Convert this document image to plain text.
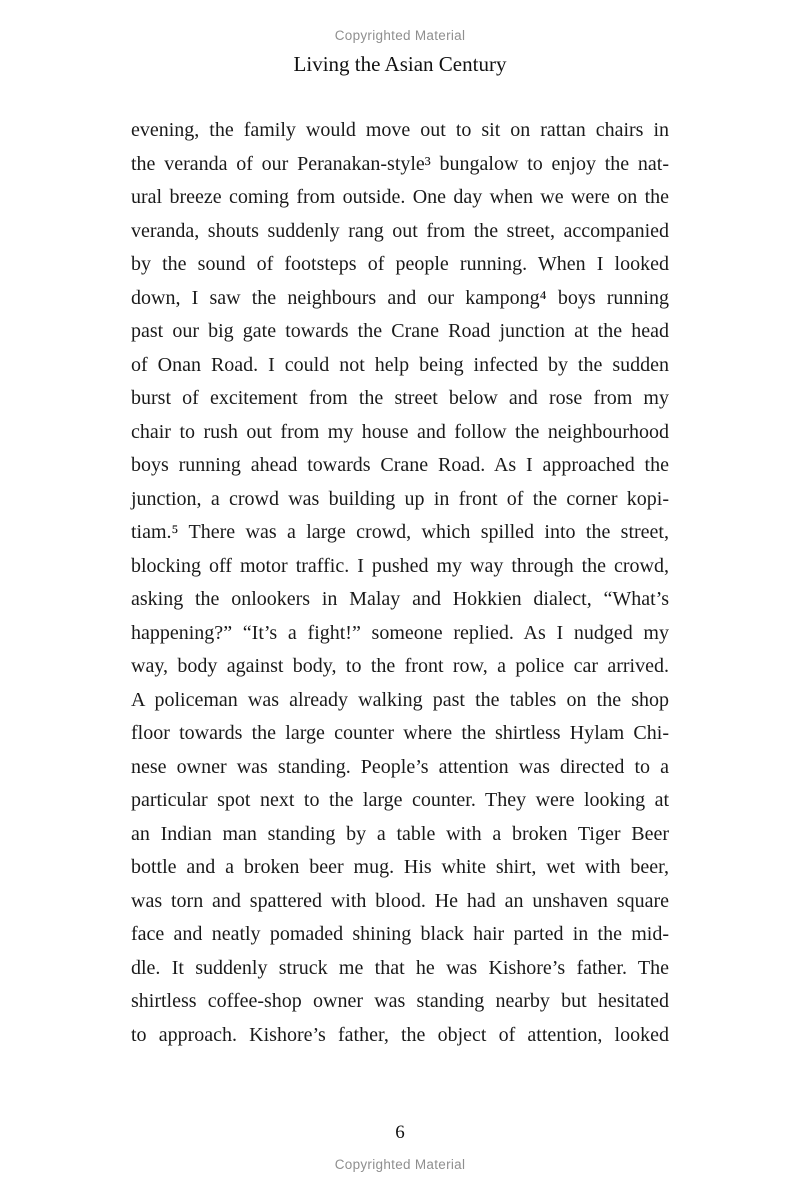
Copyrighted Material
Living the Asian Century
evening, the family would move out to sit on rattan chairs in
the veranda of our Peranakan-style³ bungalow to enjoy the nat-
ural breeze coming from outside. One day when we were on the
veranda, shouts suddenly rang out from the street, accompanied
by the sound of footsteps of people running. When I looked
down, I saw the neighbours and our kampong⁴ boys running
past our big gate towards the Crane Road junction at the head
of Onan Road. I could not help being infected by the sudden
burst of excitement from the street below and rose from my
chair to rush out from my house and follow the neighbourhood
boys running ahead towards Crane Road. As I approached the
junction, a crowd was building up in front of the corner kopi-
tiam.⁵ There was a large crowd, which spilled into the street,
blocking off motor traffic. I pushed my way through the crowd,
asking the onlookers in Malay and Hokkien dialect, “What’s
happening?” “It’s a fight!” someone replied. As I nudged my
way, body against body, to the front row, a police car arrived.
A policeman was already walking past the tables on the shop
floor towards the large counter where the shirtless Hylam Chi-
nese owner was standing. People’s attention was directed to a
particular spot next to the large counter. They were looking at
an Indian man standing by a table with a broken Tiger Beer
bottle and a broken beer mug. His white shirt, wet with beer,
was torn and spattered with blood. He had an unshaven square
face and neatly pomaded shining black hair parted in the mid-
dle. It suddenly struck me that he was Kishore’s father. The
shirtless coffee-shop owner was standing nearby but hesitated
to approach. Kishore’s father, the object of attention, looked
6
Copyrighted Material
